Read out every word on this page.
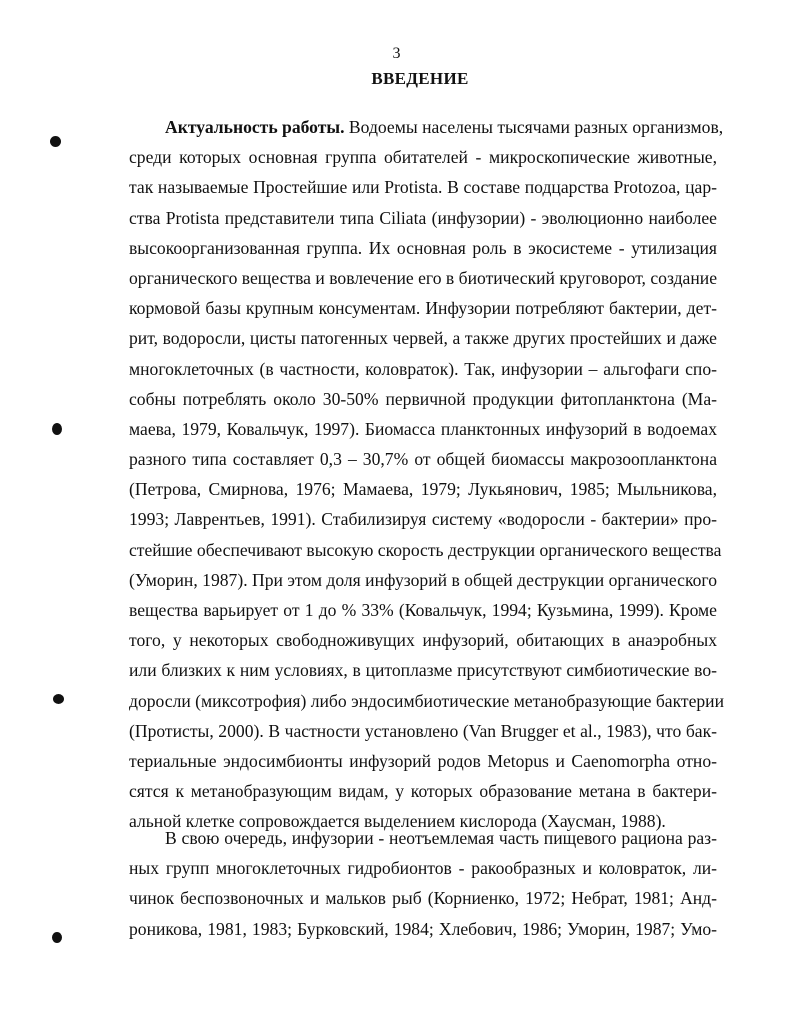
3
ВВЕДЕНИЕ
Актуальность работы. Водоемы населены тысячами разных организмов,
среди которых основная группа обитателей - микроскопические животные,
так называемые Простейшие или Protista. В составе подцарства Protozoa, цар-
ства Protista представители типа Ciliata (инфузории) - эволюционно наиболее
высокоорганизованная группа. Их основная роль в экосистеме - утилизация
органического вещества и вовлечение его в биотический круговорот, создание
кормовой базы крупным консументам. Инфузории потребляют бактерии, дет-
рит, водоросли, цисты патогенных червей, а также других простейших и даже
многоклеточных (в частности, коловраток). Так, инфузории – альгофаги спо-
собны потреблять около 30-50% первичной продукции фитопланктона (Ма-
маева, 1979, Ковальчук, 1997). Биомасса планктонных инфузорий в водоемах
разного типа составляет 0,3 – 30,7% от общей биомассы макрозоопланктона
(Петрова, Смирнова, 1976; Мамаева, 1979; Лукьянович, 1985; Мыльникова,
1993; Лаврентьев, 1991). Стабилизируя систему «водоросли - бактерии» про-
стейшие обеспечивают высокую скорость деструкции органического вещества
(Уморин, 1987). При этом доля инфузорий в общей деструкции органического
вещества варьирует от 1 до % 33% (Ковальчук, 1994; Кузьмина, 1999). Кроме
того, у некоторых свободноживущих инфузорий, обитающих в анаэробных
или близких к ним условиях, в цитоплазме присутствуют симбиотические во-
доросли (миксотрофия) либо эндосимбиотические метанобразующие бактерии
(Протисты, 2000). В частности установлено (Van Brugger et al., 1983), что бак-
териальные эндосимбионты инфузорий родов Metopus и Caenomorpha отно-
сятся к метанобразующим видам, у которых образование метана в бактери-
альной клетке сопровождается выделением кислорода (Хаусман, 1988).
В свою очередь, инфузории - неотъемлемая часть пищевого рациона раз-
ных групп многоклеточных гидробионтов - ракообразных и коловраток, ли-
чинок беспозвоночных и мальков рыб (Корниенко, 1972; Небрат, 1981; Анд-
роникова, 1981, 1983; Бурковский, 1984; Хлебович, 1986; Уморин, 1987; Умо-
